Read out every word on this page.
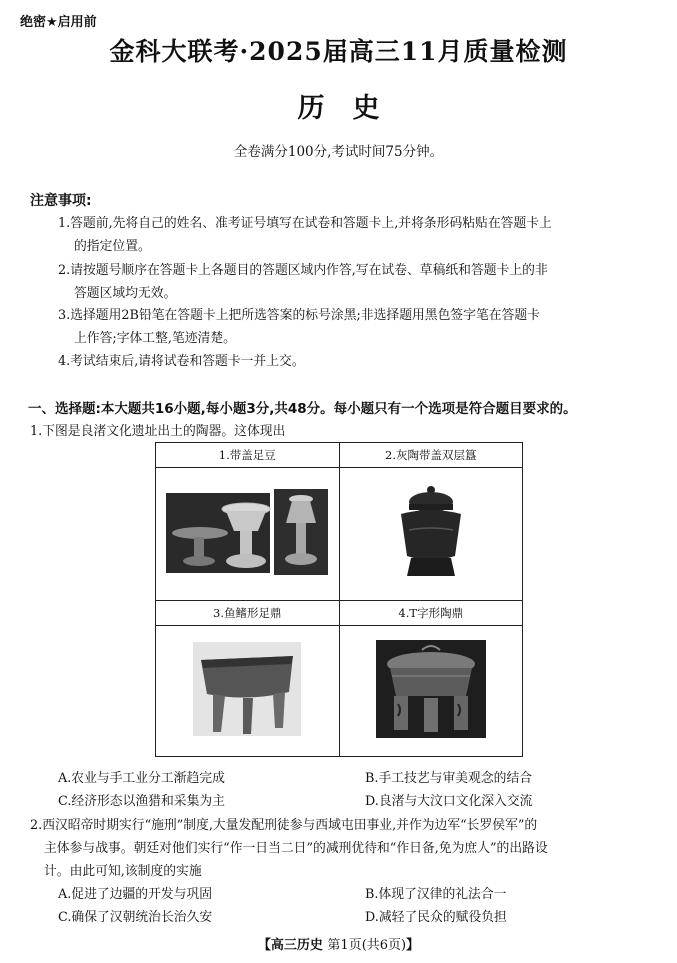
绝密★启用前
金科大联考·2025届高三11月质量检测
历史
全卷满分100分,考试时间75分钟。
注意事项:
1.答题前,先将自己的姓名、准考证号填写在试卷和答题卡上,并将条形码粘贴在答题卡上
的指定位置。
2.请按题号顺序在答题卡上各题目的答题区域内作答,写在试卷、草稿纸和答题卡上的非
答题区域均无效。
3.选择题用2B铅笔在答题卡上把所选答案的标号涂黑;非选择题用黑色签字笔在答题卡
上作答;字体工整,笔迹清楚。
4.考试结束后,请将试卷和答题卡一并上交。
一、选择题:本大题共16小题,每小题3分,共48分。每小题只有一个选项是符合题目要求的。
1.下图是良渚文化遗址出土的陶器。这体现出
1.带盖足豆	2.灰陶带盖双层簋

3.鱼鳍形足鼎	4.T字形陶鼎

A.农业与手工业分工渐趋完成	B.手工技艺与审美观念的结合
C.经济形态以渔猎和采集为主	D.良渚与大汶口文化深入交流
2.西汉昭帝时期实行“施刑”制度,大量发配刑徒参与西域屯田事业,并作为边军“长罗侯军”的
主体参与战事。朝廷对他们实行“作一日当二日”的减刑优待和“作日备,免为庶人”的出路设
计。由此可知,该制度的实施
A.促进了边疆的开发与巩固	B.体现了汉律的礼法合一
C.确保了汉朝统治长治久安	D.减轻了民众的赋役负担
【高三历史 第1页(共6页)】
